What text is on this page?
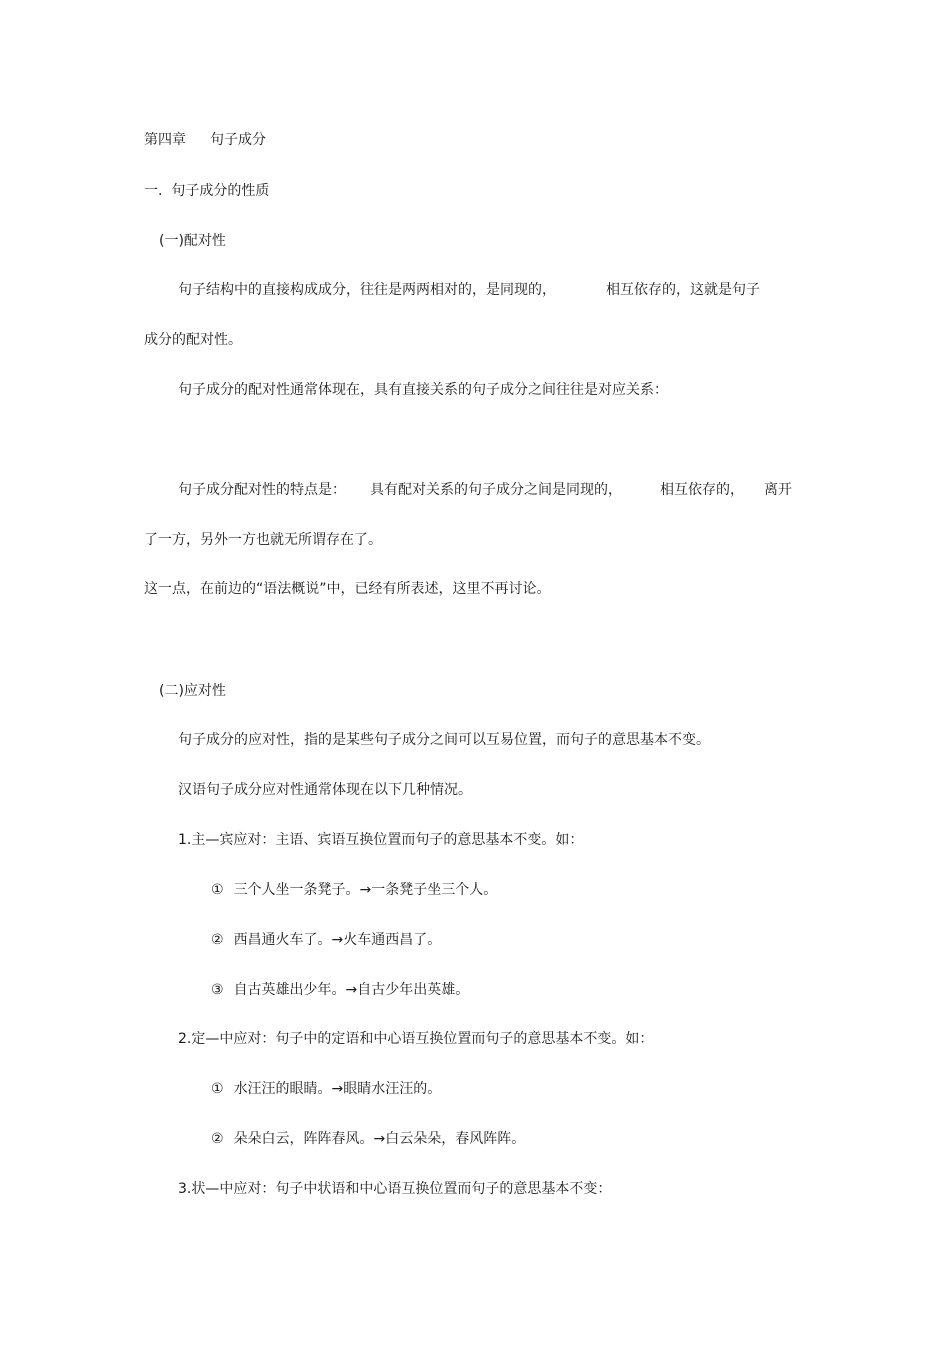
第四章 句子成分

一.  句子成分的性质

(一)配对性

句子结构中的直接构成成分，往往是两两相对的，是同现的，	相互依存的，这就是句子

成分的配对性。

句子成分的配对性通常体现在，具有直接关系的句子成分之间往往是对应关系：

句子成分配对性的特点是： 具有配对关系的句子成分之间是同现的，	相互依存的， 离开

了一方，另外一方也就无所谓存在了。

这一点，在前边的“语法概说”中，已经有所表述，这里不再讨论。

(二)应对性

句子成分的应对性，指的是某些句子成分之间可以互易位置，而句子的意思基本不变。

汉语句子成分应对性通常体现在以下几种情况。

1.主—宾应对：主语、宾语互换位置而句子的意思基本不变。如：

① 三个人坐一条凳子。→一条凳子坐三个人。

② 西昌通火车了。→火车通西昌了。

③ 自古英雄出少年。→自古少年出英雄。

2.定—中应对：句子中的定语和中心语互换位置而句子的意思基本不变。如：

① 水汪汪的眼睛。→眼睛水汪汪的。

② 朵朵白云，阵阵春风。→白云朵朵，春风阵阵。

3.状—中应对：句子中状语和中心语互换位置而句子的意思基本不变：
